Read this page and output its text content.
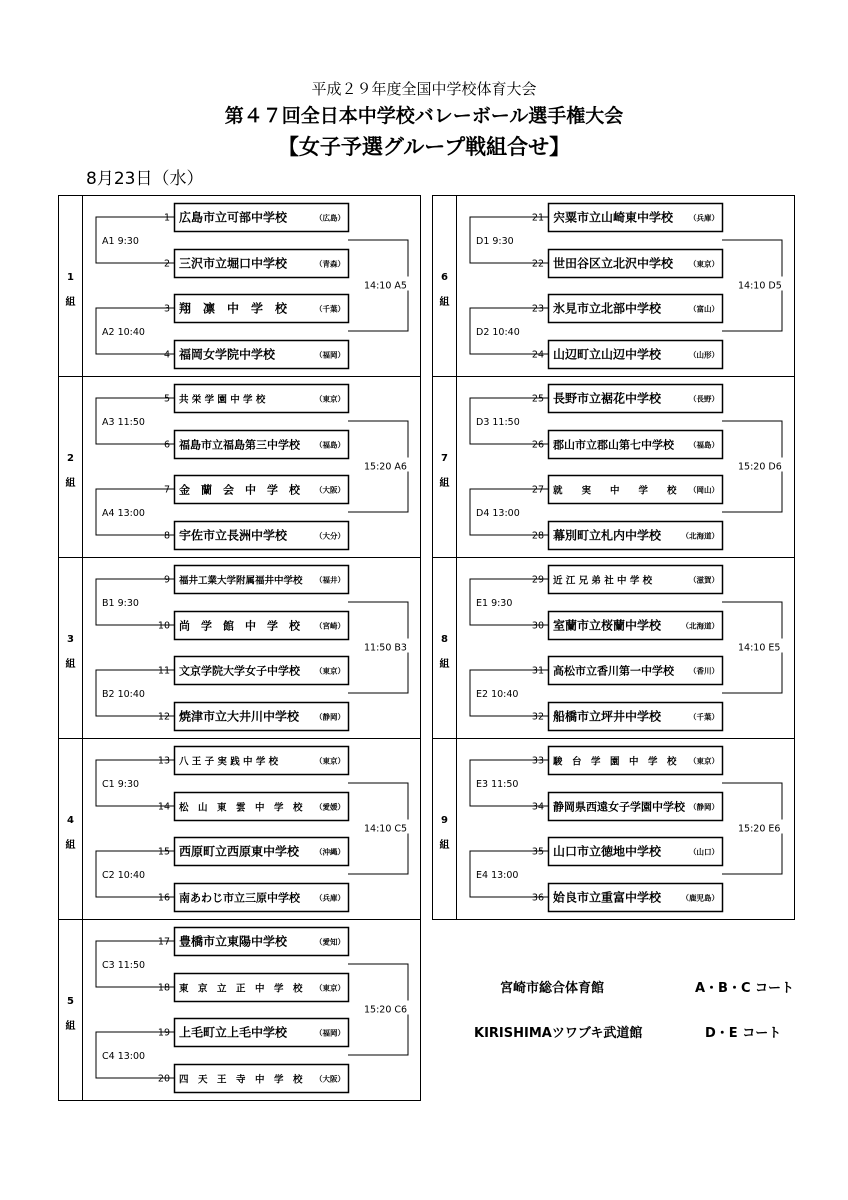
平成２９年度全国中学校体育大会
第４７回全日本中学校バレーボール選手権大会
【女子予選グループ戦組合せ】
8月23日（水）
1
組
A1 9:30
A2 10:40
14:10 A5
1 広島市立可部中学校	（広島）
2 三沢市立堀口中学校	（青森）
3 翔　凛　中　学　校	（千葉）
4 福岡女学院中学校	（福岡）
2
組
A3 11:50
A4 13:00
15:20 A6
5 共 栄 学 園 中 学 校	（東京）
6 福島市立福島第三中学校 （福島）
7 金　蘭　会　中　学　校 （大阪）
8 宇佐市立長洲中学校	（大分）
3
組
B1 9:30
B2 10:40
11:50 B3
9 福井工業大学附属福井中学校 （福井）
10 尚　学　館　中　学　校 （宮崎）
11 文京学院大学女子中学校 （東京）
12 焼津市立大井川中学校 （静岡）
4
組
C1 9:30
C2 10:40
14:10 C5
13 八 王 子 実 践 中 学 校	（東京）
14 松　山　東　雲　中　学　校 （愛媛）
15 西原町立西原東中学校 （沖縄）
16 南あわじ市立三原中学校 （兵庫）
5
組
C3 11:50
C4 13:00
15:20 C6
17 豊橋市立東陽中学校	（愛知）
18 東　京　立　正　中　学　校 （東京）
19 上毛町立上毛中学校	（福岡）
20 四　天　王　寺　中　学　校 （大阪）
6
組
D1 9:30
D2 10:40
14:10 D5
21 宍粟市立山崎東中学校 （兵庫）
22 世田谷区立北沢中学校 （東京）
23 氷見市立北部中学校	（富山）
24 山辺町立山辺中学校	（山形）
7
組
D3 11:50
D4 13:00
15:20 D6
25 長野市立裾花中学校	（長野）
26 郡山市立郡山第七中学校 （福島）
27 就　　実　　中　　学　　校 （岡山）
28 幕別町立札内中学校	（北海道）
8
組
E1 9:30
E2 10:40
14:10 E5
29 近 江 兄 弟 社 中 学 校	（滋賀）
30 室蘭市立桜蘭中学校	（北海道）
31 高松市立香川第一中学校 （香川）
32 船橋市立坪井中学校	（千葉）
9
組
E3 11:50
E4 13:00
15:20 E6
33 駿　台　学　園　中　学　校 （東京）
34 静岡県西遠女子学園中学校 （静岡）
35 山口市立徳地中学校	（山口）
36 姶良市立重富中学校	（鹿児島）
宮崎市総合体育館	A・B・C コート
KIRISHIMAツワブキ武道館	D・E コート
